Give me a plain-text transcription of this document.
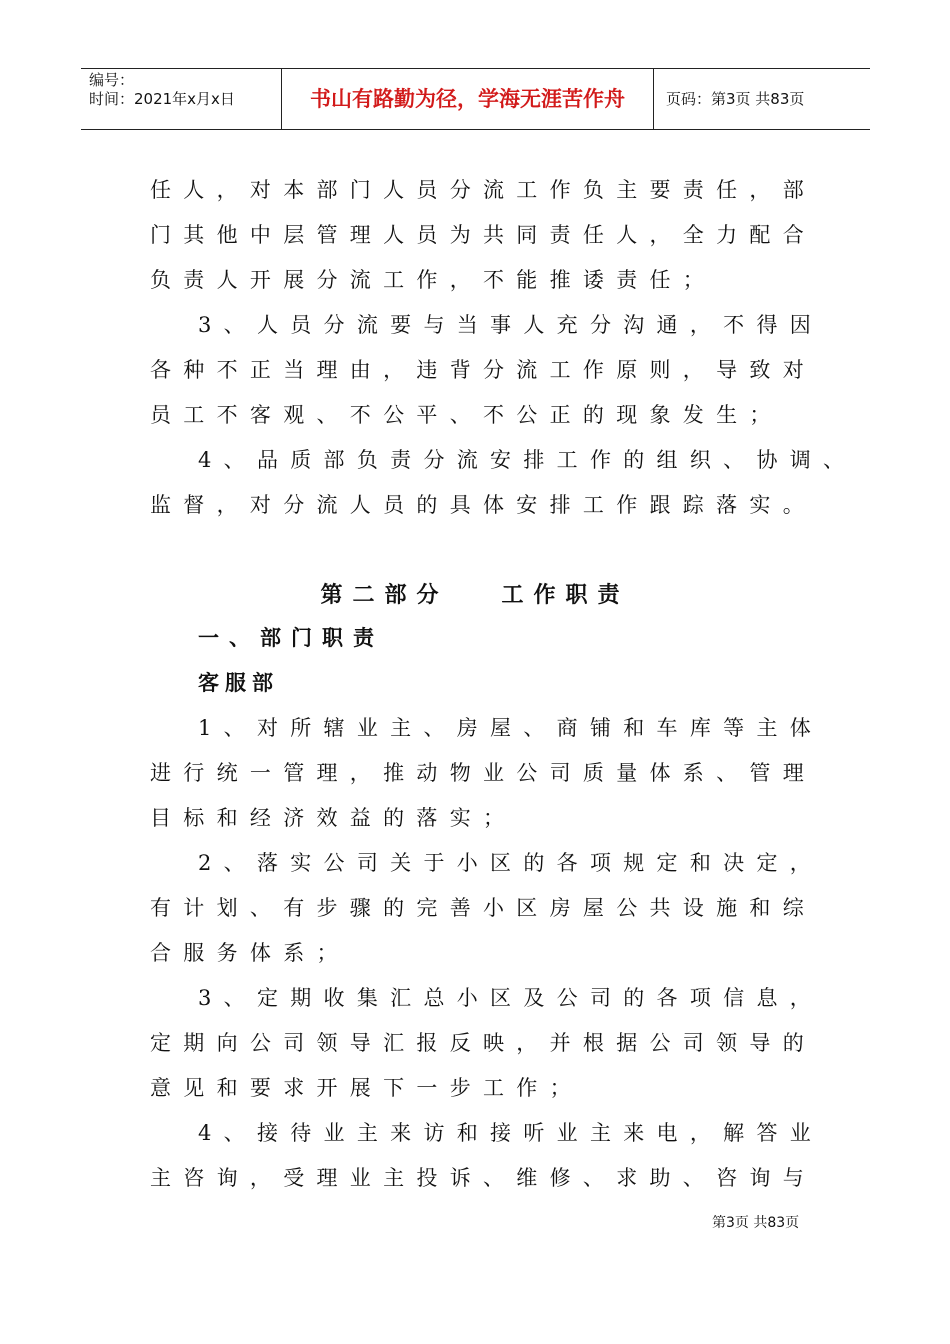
编号：
时间：2021年x月x日	书山有路勤为径，学海无涯苦作舟	页码：第3页 共83页
任人，对本部门人员分流工作负主要责任，部
门其他中层管理人员为共同责任人，全力配合
负责人开展分流工作，不能推诿责任；
3、人员分流要与当事人充分沟通，不得因
各种不正当理由，违背分流工作原则，导致对
员工不客观、不公平、不公正的现象发生；
4、品质部负责分流安排工作的组织、协调、
监督，对分流人员的具体安排工作跟踪落实。
第二部分   工作职责
一、部门职责
客服部
1、对所辖业主、房屋、商铺和车库等主体
进行统一管理，推动物业公司质量体系、管理
目标和经济效益的落实；
2、落实公司关于小区的各项规定和决定，
有计划、有步骤的完善小区房屋公共设施和综
合服务体系；
3、定期收集汇总小区及公司的各项信息，
定期向公司领导汇报反映，并根据公司领导的
意见和要求开展下一步工作；
4、接待业主来访和接听业主来电，解答业
主咨询，受理业主投诉、维修、求助、咨询与
第3页 共83页
